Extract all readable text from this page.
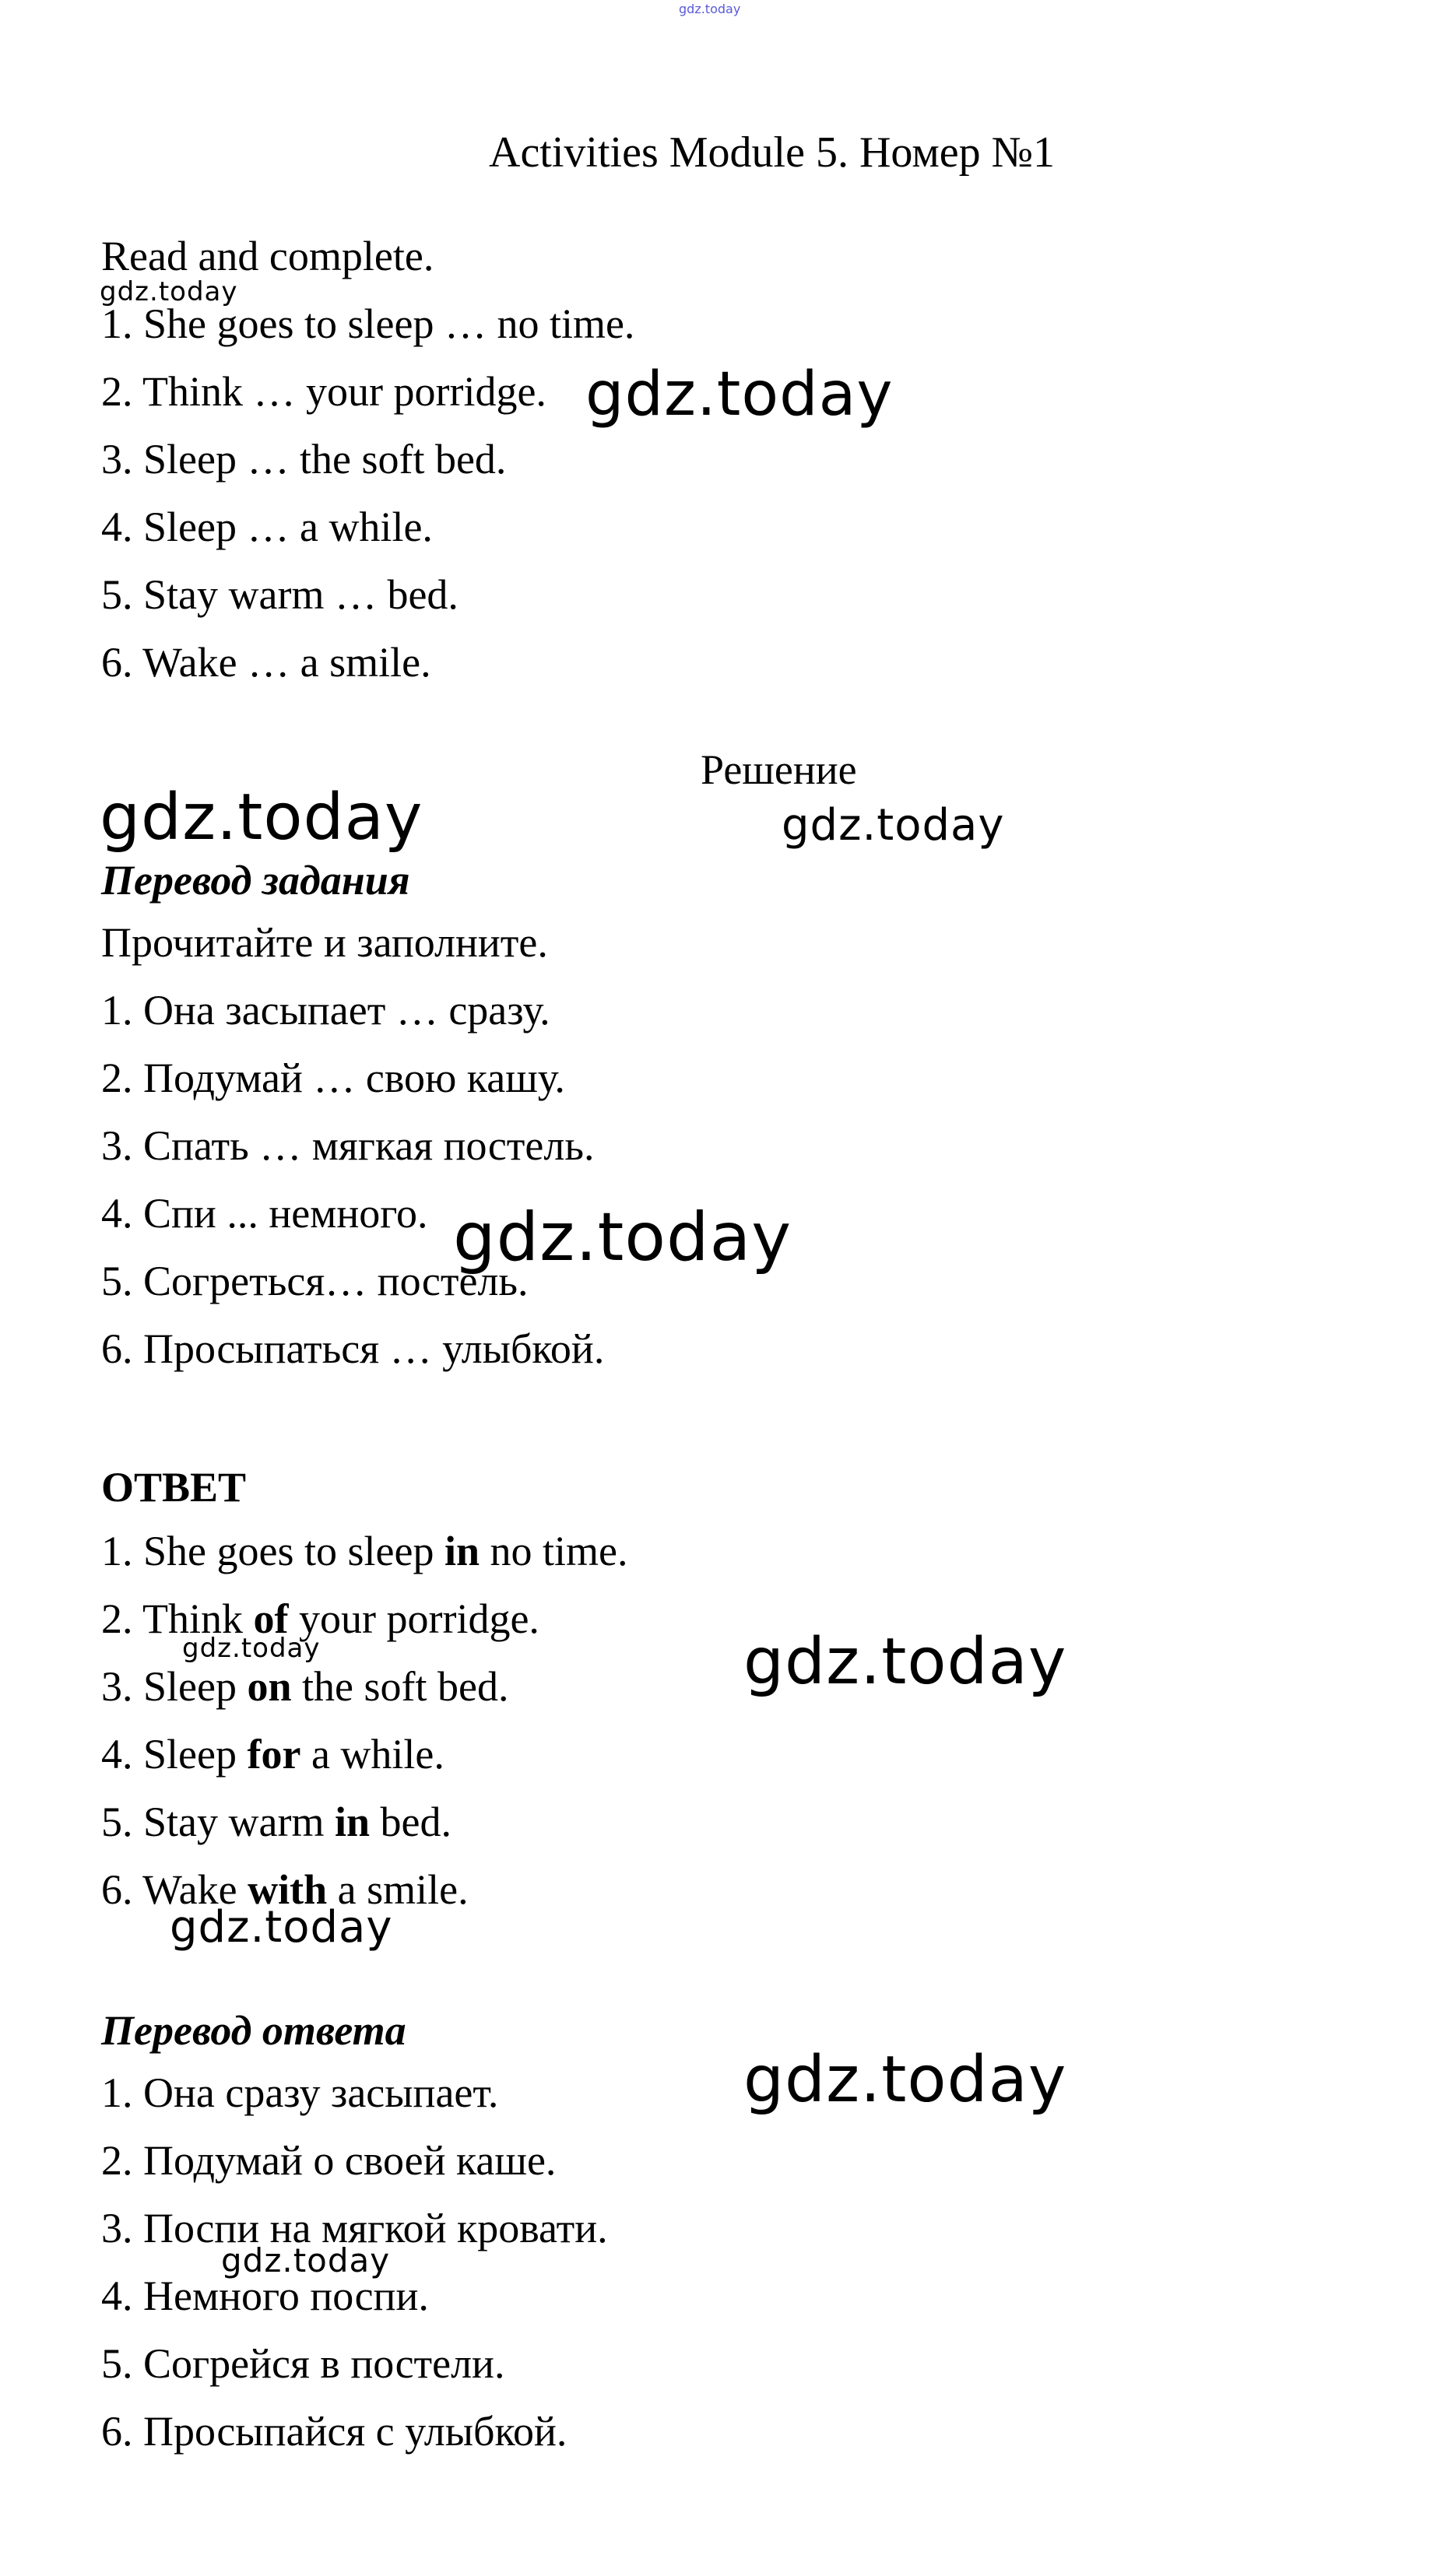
gdz.today
Activities Module 5. Номер №1
Read and complete.
1. She goes to sleep … no time.
2. Think … your porridge.
3. Sleep … the soft bed.
4. Sleep … a while.
5. Stay warm … bed.
6. Wake … a smile.
Решение
Перевод задания
Прочитайте и заполните.
1. Она засыпает … сразу.
2. Подумай … свою кашу.
3. Спать … мягкая постель.
4. Спи ... немного.
5. Согреться… постель.
6. Просыпаться … улыбкой.
ОТВЕТ
1. She goes to sleep in no time.
2. Think of your porridge.
3. Sleep on the soft bed.
4. Sleep for a while.
5. Stay warm in bed.
6. Wake with a smile.
Перевод ответа
1. Она сразу засыпает.
2. Подумай о своей каше.
3. Поспи на мягкой кровати.
4. Немного поспи.
5. Согрейся в постели.
6. Просыпайся с улыбкой.
gdz.today
gdz.today
gdz.today	gdz.today
gdz.today
gdz.today
gdz.today
gdz.today
gdz.today
gdz.today
